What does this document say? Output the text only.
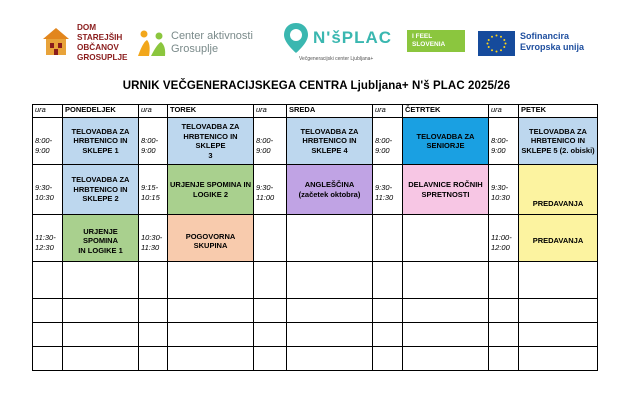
DOM
STAREJŠIH
OBČANOV
GROSUPLJE
Center aktivnosti
Grosuplje
N'šPLAC
Večgeneracijski center Ljubljana+
I FEEL
SLOVENIA
Sofinancira
Evropska unija
URNIK VEČGENERACIJSKEGA CENTRA Ljubljana+ N'š PLAC 2025/26
ura	PONEDELJEK	ura	TOREK	ura	SREDA	ura	ČETRTEK	ura	PETEK

8:00-
9:00	TELOVADBA ZA
HRBTENICO IN
SKLEPE 1	8:00-
9:00	TELOVADBA ZA
HRBTENICO IN SKLEPE
3	8:00-
9:00	TELOVADBA ZA
HRBTENICO IN
SKLEPE 4	8:00-
9:00	TELOVADBA ZA
SENIORJE	8:00-
9:00	TELOVADBA ZA
HRBTENICO IN
SKLEPE 5 (2. obiski)

9:30-
10:30	TELOVADBA ZA
HRBTENICO IN
SKLEPE 2	9:15-
10:15	URJENJE SPOMINA IN
LOGIKE 2	9:30-
11:00	ANGLEŠČINA
(začetek oktobra)	9:30-
11:30	DELAVNICE ROČNIH
SPRETNOSTI	9:30-
10:30	PREDAVANJA

11:30-
12:30	URJENJE SPOMINA
IN LOGIKE 1	10:30-
11:30	POGOVORNA
SKUPINA					11:00-
12:00	PREDAVANJA
